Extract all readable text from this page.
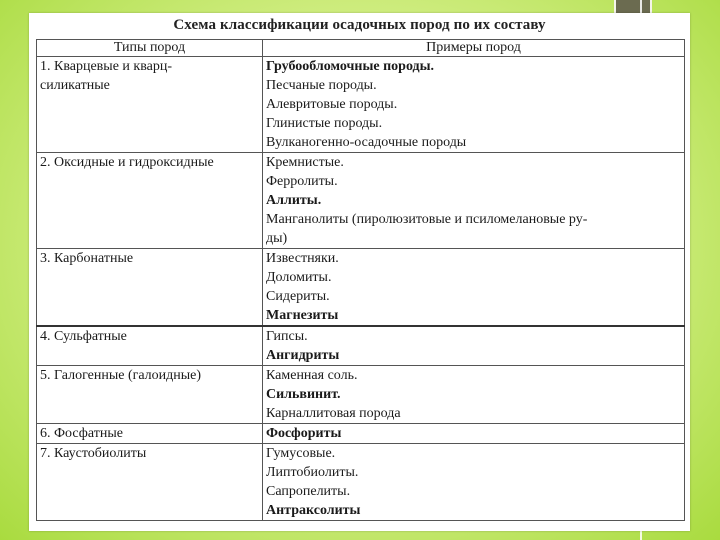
Схема классификации осадочных пород по их составу
Типы пород	Примеры пород

1. Кварцевые и кварц-
силикатные	Грубообломочные породы.
Песчаные породы.
Алевритовые породы.
Глинистые породы.
Вулканогенно-осадочные породы

2. Оксидные и гидроксидные	Кремнистые.
Ферролиты.
Аллиты.
Манганолиты (пиролюзитовые и псиломелановые ру-
ды)

3. Карбонатные	Известняки.
Доломиты.
Сидериты.
Магнезиты

4. Сульфатные	Гипсы.
Ангидриты

5. Галогенные (галоидные)	Каменная соль.
Сильвинит.
Карналлитовая порода

6. Фосфатные	Фосфориты

7. Каустобиолиты	Гумусовые.
Липтобиолиты.
Сапропелиты.
Антраксолиты
